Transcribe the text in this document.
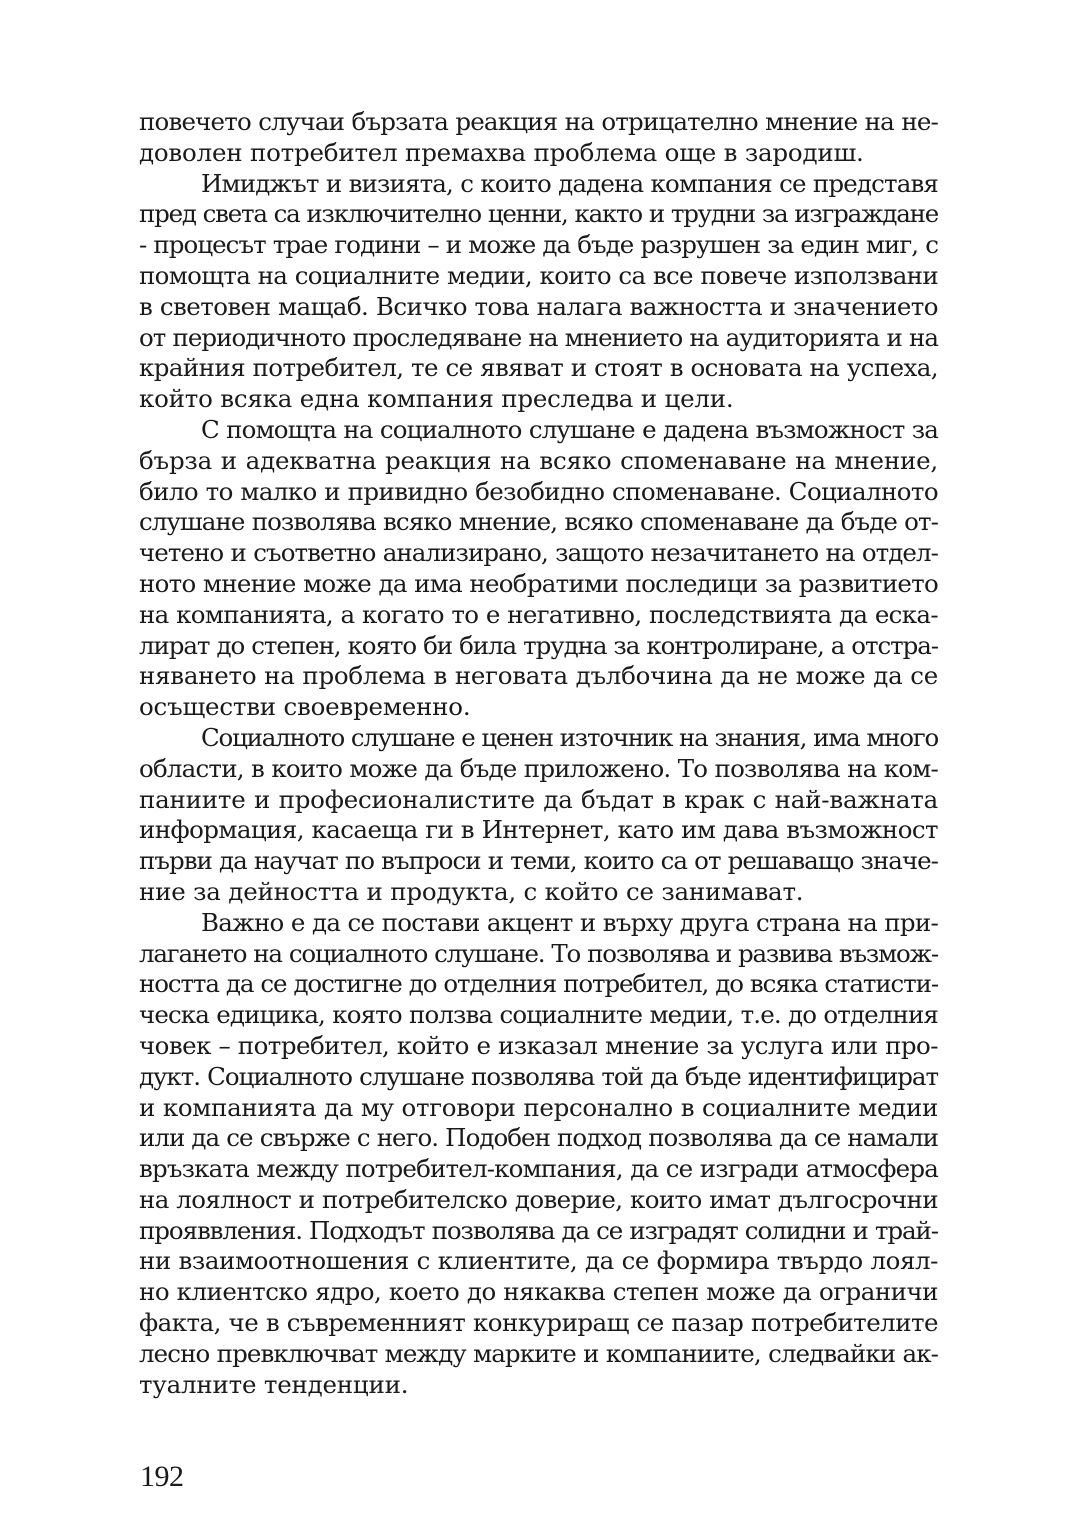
повечето случаи бързата реакция на отрицателно мнение на не-
доволен потребител премахва проблема още в зародиш.
Имиджът и визията, с които дадена компания се представя
пред света са изключително ценни, както и трудни за изграждане
- процесът трае години – и може да бъде разрушен за един миг, с
помощта на социалните медии, които са все повече използвани
в световен мащаб. Всичко това налага важността и значението
от периодичното проследяване на мнението на аудиторията и на
крайния потребител, те се явяват и стоят в основата на успеха,
който всяка една компания преследва и цели.
С помощта на социалното слушане е дадена възможност за
бърза и адекватна реакция на всяко споменаване на мнение,
било то малко и привидно безобидно споменаване. Социалното
слушане позволява всяко мнение, всяко споменаване да бъде от-
четено и съответно анализирано, защото незачитането на отдел-
ното мнение може да има необратими последици за развитието
на компанията, а когато то е негативно, последствията да еска-
лират до степен, която би била трудна за контролиране, а отстра-
няването на проблема в неговата дълбочина да не може да се
осъществи своевременно.
Социалното слушане е ценен източник на знания, има много
области, в които може да бъде приложено. То позволява на ком-
паниите и професионалистите да бъдат в крак с най-важната
информация, касаеща ги в Интернет, като им дава възможност
първи да научат по въпроси и теми, които са от решаващо значе-
ние за дейността и продукта, с който се занимават.
Важно е да се постави акцент и върху друга страна на при-
лагането на социалното слушане. То позволява и развива възмож-
ността да се достигне до отделния потребител, до всяка статисти-
ческа едицика, която ползва социалните медии, т.е. до отделния
човек – потребител, който е изказал мнение за услуга или про-
дукт. Социалното слушане позволява той да бъде идентифицират
и компанията да му отговори персонално в социалните медии
или да се свърже с него. Подобен подход позволява да се намали
връзката между потребител-компания, да се изгради атмосфера
на лоялност и потребителско доверие, които имат дългосрочни
прояввления. Подходът позволява да се изградят солидни и трай-
ни взаимоотношения с клиентите, да се формира твърдо лоял-
но клиентско ядро, което до някаква степен може да ограничи
факта, че в съвременният конкуриращ се пазар потребителите
лесно превключват между марките и компаниите, следвайки ак-
туалните тенденции.
192
